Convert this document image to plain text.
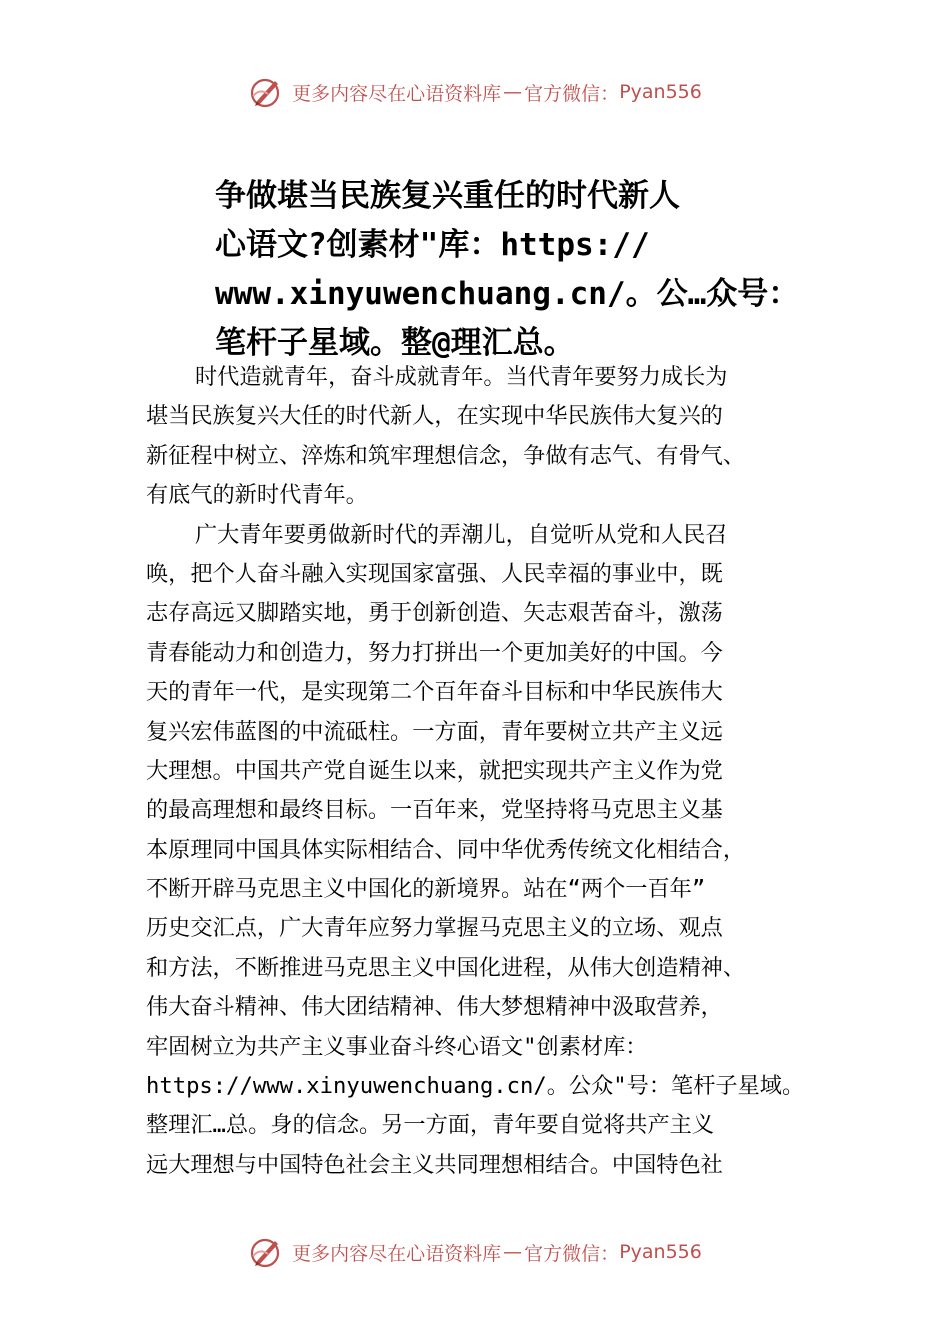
更多内容尽在心语资料库 — 官方微信： Pyan556
争做堪当民族复兴重任的时代新人
心语文?创素材"库：https://
www.xinyuwenchuang.cn/。公…众号：
笔杆子星域。整@理汇总。
时代造就青年，奋斗成就青年。当代青年要努力成长为
堪当民族复兴大任的时代新人，在实现中华民族伟大复兴的
新征程中树立、淬炼和筑牢理想信念，争做有志气、有骨气、
有底气的新时代青年。
广大青年要勇做新时代的弄潮儿，自觉听从党和人民召
唤，把个人奋斗融入实现国家富强、人民幸福的事业中，既
志存高远又脚踏实地，勇于创新创造、矢志艰苦奋斗，激荡
青春能动力和创造力，努力打拼出一个更加美好的中国。今
天的青年一代，是实现第二个百年奋斗目标和中华民族伟大
复兴宏伟蓝图的中流砥柱。一方面，青年要树立共产主义远
大理想。中国共产党自诞生以来，就把实现共产主义作为党
的最高理想和最终目标。一百年来，党坚持将马克思主义基
本原理同中国具体实际相结合、同中华优秀传统文化相结合，
不断开辟马克思主义中国化的新境界。站在“两个一百年”
历史交汇点，广大青年应努力掌握马克思主义的立场、观点
和方法，不断推进马克思主义中国化进程，从伟大创造精神、
伟大奋斗精神、伟大团结精神、伟大梦想精神中汲取营养，
牢固树立为共产主义事业奋斗终心语文"创素材库：
https://www.xinyuwenchuang.cn/。公众"号：笔杆子星域。
整理汇…总。身的信念。另一方面，青年要自觉将共产主义
远大理想与中国特色社会主义共同理想相结合。中国特色社
更多内容尽在心语资料库 — 官方微信： Pyan556
